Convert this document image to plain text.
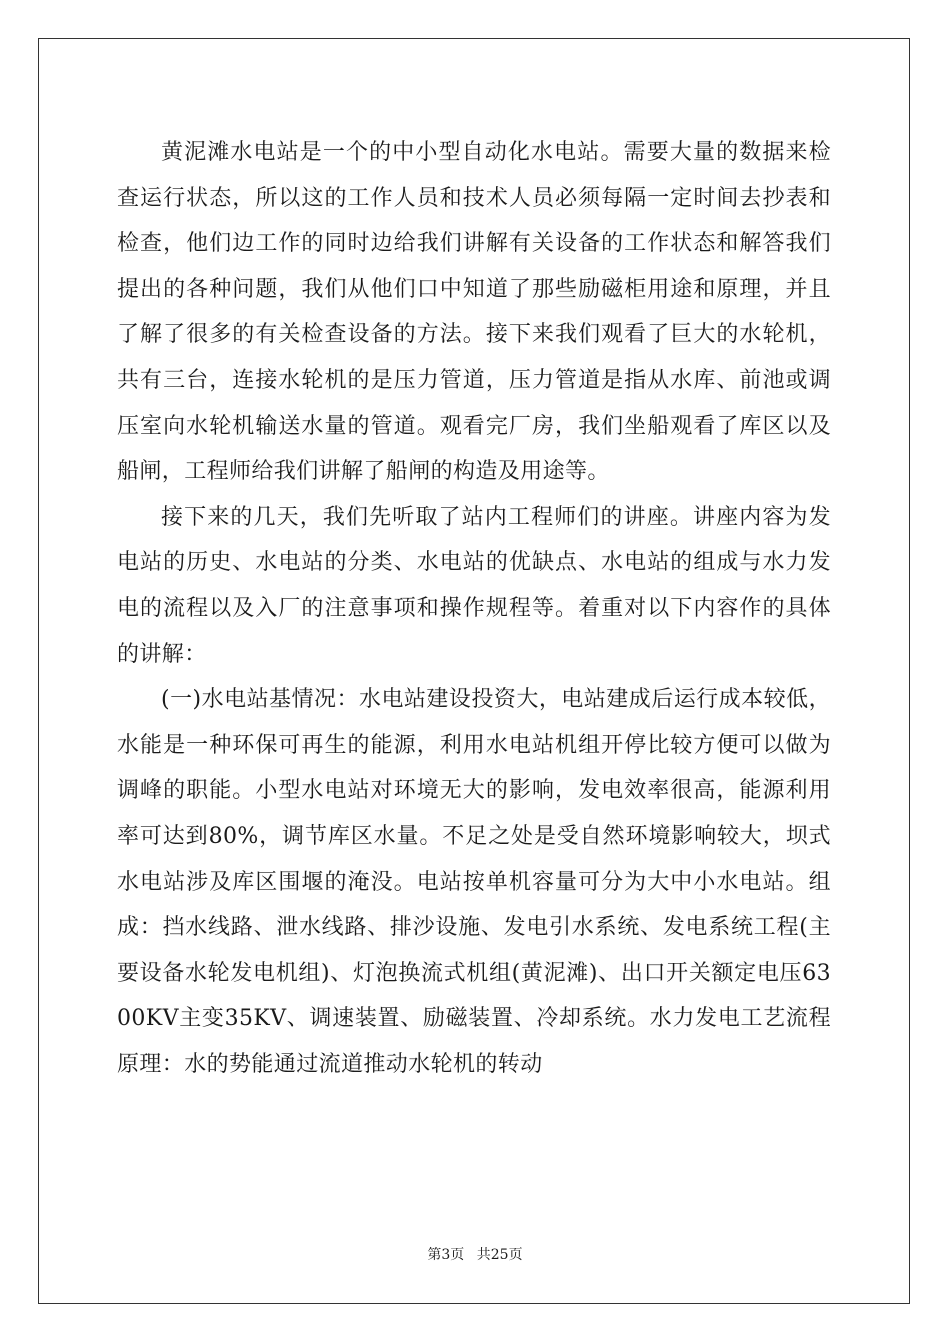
黄泥滩水电站是一个的中小型自动化水电站。需要大量的数据来检查运行状态，所以这的工作人员和技术人员必须每隔一定时间去抄表和检查，他们边工作的同时边给我们讲解有关设备的工作状态和解答我们提出的各种问题，我们从他们口中知道了那些励磁柜用途和原理，并且了解了很多的有关检查设备的方法。接下来我们观看了巨大的水轮机，共有三台，连接水轮机的是压力管道，压力管道是指从水库、前池或调压室向水轮机输送水量的管道。观看完厂房，我们坐船观看了库区以及船闸，工程师给我们讲解了船闸的构造及用途等。

接下来的几天，我们先听取了站内工程师们的讲座。讲座内容为发电站的历史、水电站的分类、水电站的优缺点、水电站的组成与水力发电的流程以及入厂的注意事项和操作规程等。着重对以下内容作的具体的讲解：

(一)水电站基情况：水电站建设投资大，电站建成后运行成本较低，水能是一种环保可再生的能源，利用水电站机组开停比较方便可以做为调峰的职能。小型水电站对环境无大的影响，发电效率很高，能源利用率可达到80%，调节库区水量。不足之处是受自然环境影响较大，坝式水电站涉及库区围堰的淹没。电站按单机容量可分为大中小水电站。组成：挡水线路、泄水线路、排沙设施、发电引水系统、发电系统工程(主要设备水轮发电机组)、灯泡换流式机组(黄泥滩)、出口开关额定电压6300KV主变35KV、调速装置、励磁装置、冷却系统。水力发电工艺流程原理：水的势能通过流道推动水轮机的转动

第3页 共25页
